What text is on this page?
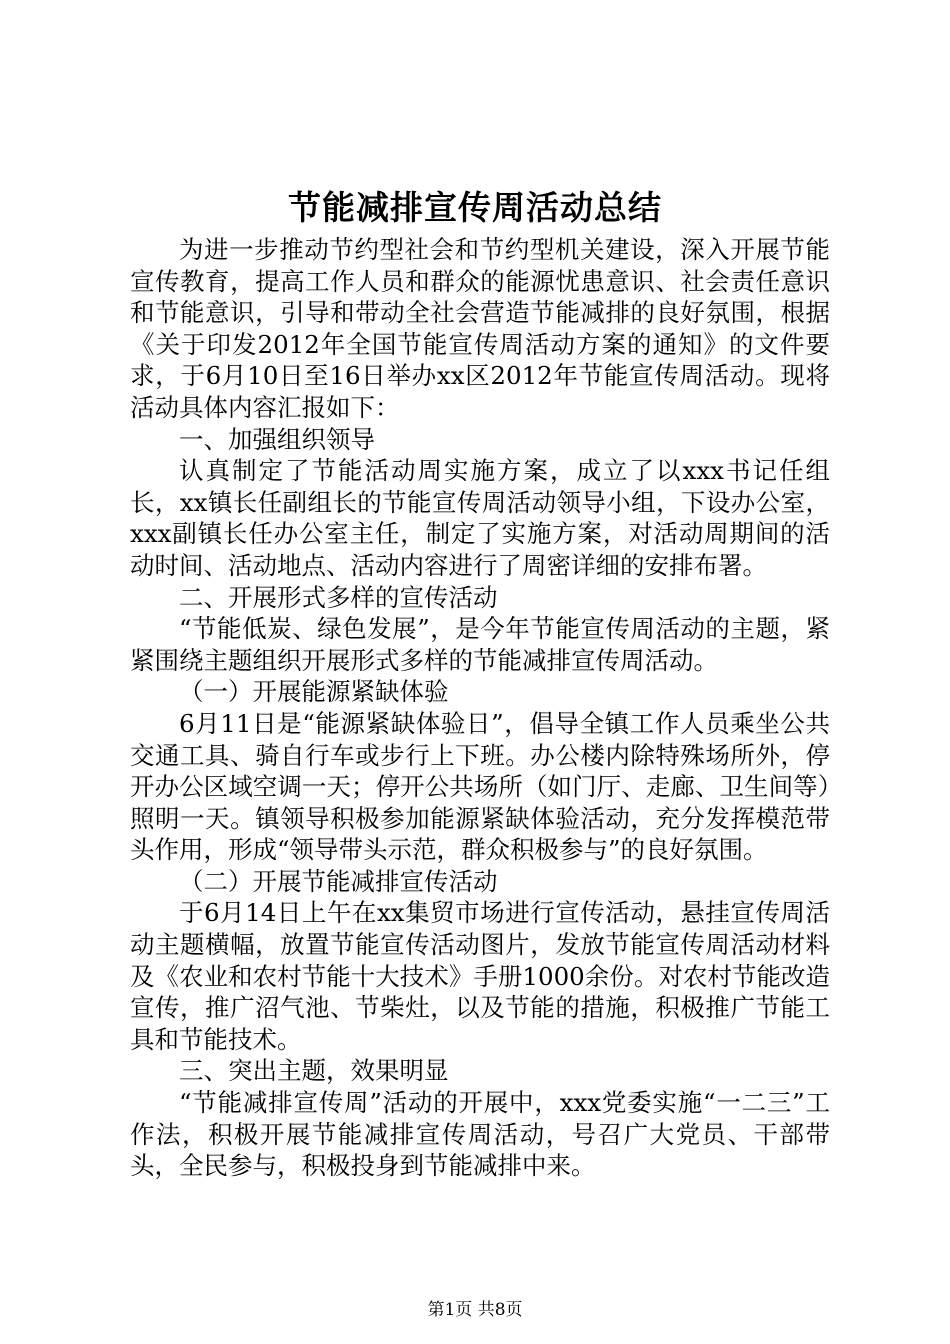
节能减排宣传周活动总结

为进一步推动节约型社会和节约型机关建设，深入开展节能宣传教育，提高工作人员和群众的能源忧患意识、社会责任意识和节能意识，引导和带动全社会营造节能减排的良好氛围，根据《关于印发2012年全国节能宣传周活动方案的通知》的文件要求，于6月10日至16日举办xx区2012年节能宣传周活动。现将活动具体内容汇报如下：

一、加强组织领导

认真制定了节能活动周实施方案，成立了以xxx书记任组长，xx镇长任副组长的节能宣传周活动领导小组，下设办公室，xxx副镇长任办公室主任，制定了实施方案，对活动周期间的活动时间、活动地点、活动内容进行了周密详细的安排布署。

二、开展形式多样的宣传活动

“节能低炭、绿色发展”，是今年节能宣传周活动的主题，紧紧围绕主题组织开展形式多样的节能减排宣传周活动。

（一）开展能源紧缺体验

6月11日是“能源紧缺体验日”，倡导全镇工作人员乘坐公共交通工具、骑自行车或步行上下班。办公楼内除特殊场所外，停开办公区域空调一天；停开公共场所（如门厅、走廊、卫生间等）照明一天。镇领导积极参加能源紧缺体验活动，充分发挥模范带头作用，形成“领导带头示范，群众积极参与”的良好氛围。

（二）开展节能减排宣传活动

于6月14日上午在xx集贸市场进行宣传活动，悬挂宣传周活动主题横幅，放置节能宣传活动图片，发放节能宣传周活动材料及《农业和农村节能十大技术》手册1000余份。对农村节能改造宣传，推广沼气池、节柴灶，以及节能的措施，积极推广节能工具和节能技术。

三、突出主题，效果明显

“节能减排宣传周”活动的开展中，xxx党委实施“一二三”工作法，积极开展节能减排宣传周活动，号召广大党员、干部带头，全民参与，积极投身到节能减排中来。

第1页 共8页
